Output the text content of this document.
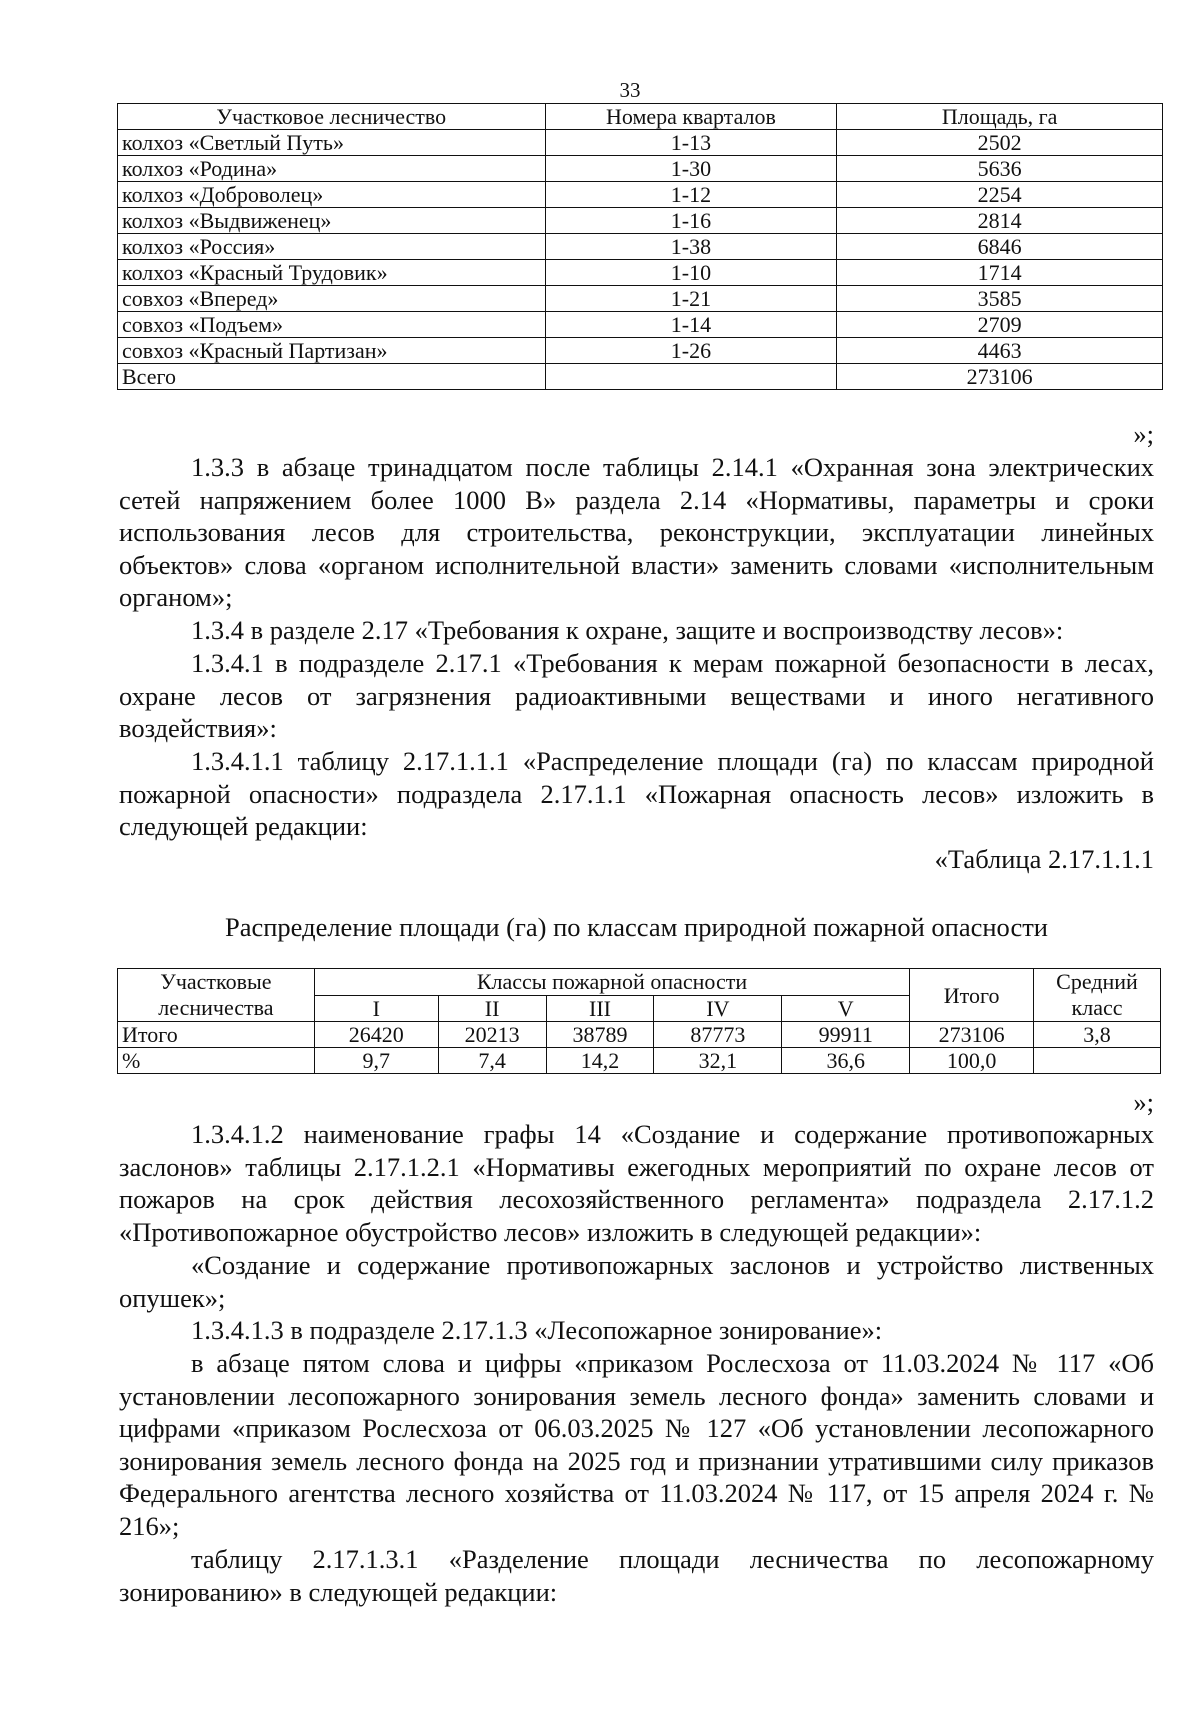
33
Участковое лесничество	Номера кварталов	Площадь, га
колхоз «Светлый Путь»	1-13	2502
колхоз «Родина»	1-30	5636
колхоз «Доброволец»	1-12	2254
колхоз «Выдвиженец»	1-16	2814
колхоз «Россия»	1-38	6846
колхоз «Красный Трудовик»	1-10	1714
совхоз «Вперед»	1-21	3585
совхоз «Подъем»	1-14	2709
совхоз «Красный Партизан»	1-26	4463
Всего		273106
»;
1.3.3 в абзаце тринадцатом после таблицы 2.14.1 «Охранная зона электрических сетей напряжением более 1000 В» раздела 2.14 «Нормативы, параметры и сроки использования лесов для строительства, реконструкции, эксплуатации линейных объектов» слова «органом исполнительной власти» заменить словами «исполнительным органом»;
1.3.4 в разделе 2.17 «Требования к охране, защите и воспроизводству лесов»:
1.3.4.1 в подразделе 2.17.1 «Требования к мерам пожарной безопасности в лесах, охране лесов от загрязнения радиоактивными веществами и иного негативного воздействия»:
1.3.4.1.1 таблицу 2.17.1.1.1 «Распределение площади (га) по классам природной пожарной опасности» подраздела 2.17.1.1 «Пожарная опасность лесов» изложить в следующей редакции:
«Таблица 2.17.1.1.1
Распределение площади (га) по классам природной пожарной опасности
Участковые лесничества	Классы пожарной опасности					Итого	Средний класс
	I	II	III	IV	V		
Итого	26420	20213	38789	87773	99911	273106	3,8
%	9,7	7,4	14,2	32,1	36,6	100,0	
»;
1.3.4.1.2 наименование графы 14 «Создание и содержание противопожарных заслонов» таблицы 2.17.1.2.1 «Нормативы ежегодных мероприятий по охране лесов от пожаров на срок действия лесохозяйственного регламента» подраздела 2.17.1.2 «Противопожарное обустройство лесов» изложить в следующей редакции»:
«Создание и содержание противопожарных заслонов и устройство лиственных опушек»;
1.3.4.1.3 в подразделе 2.17.1.3 «Лесопожарное зонирование»:
в абзаце пятом слова и цифры «приказом Рослесхоза от 11.03.2024 № 117 «Об установлении лесопожарного зонирования земель лесного фонда» заменить словами и цифрами «приказом Рослесхоза от 06.03.2025 № 127 «Об установлении лесопожарного зонирования земель лесного фонда на 2025 год и признании утратившими силу приказов Федерального агентства лесного хозяйства от 11.03.2024 № 117, от 15 апреля 2024 г. № 216»;
таблицу 2.17.1.3.1 «Разделение площади лесничества по лесопожарному зонированию» в следующей редакции:
